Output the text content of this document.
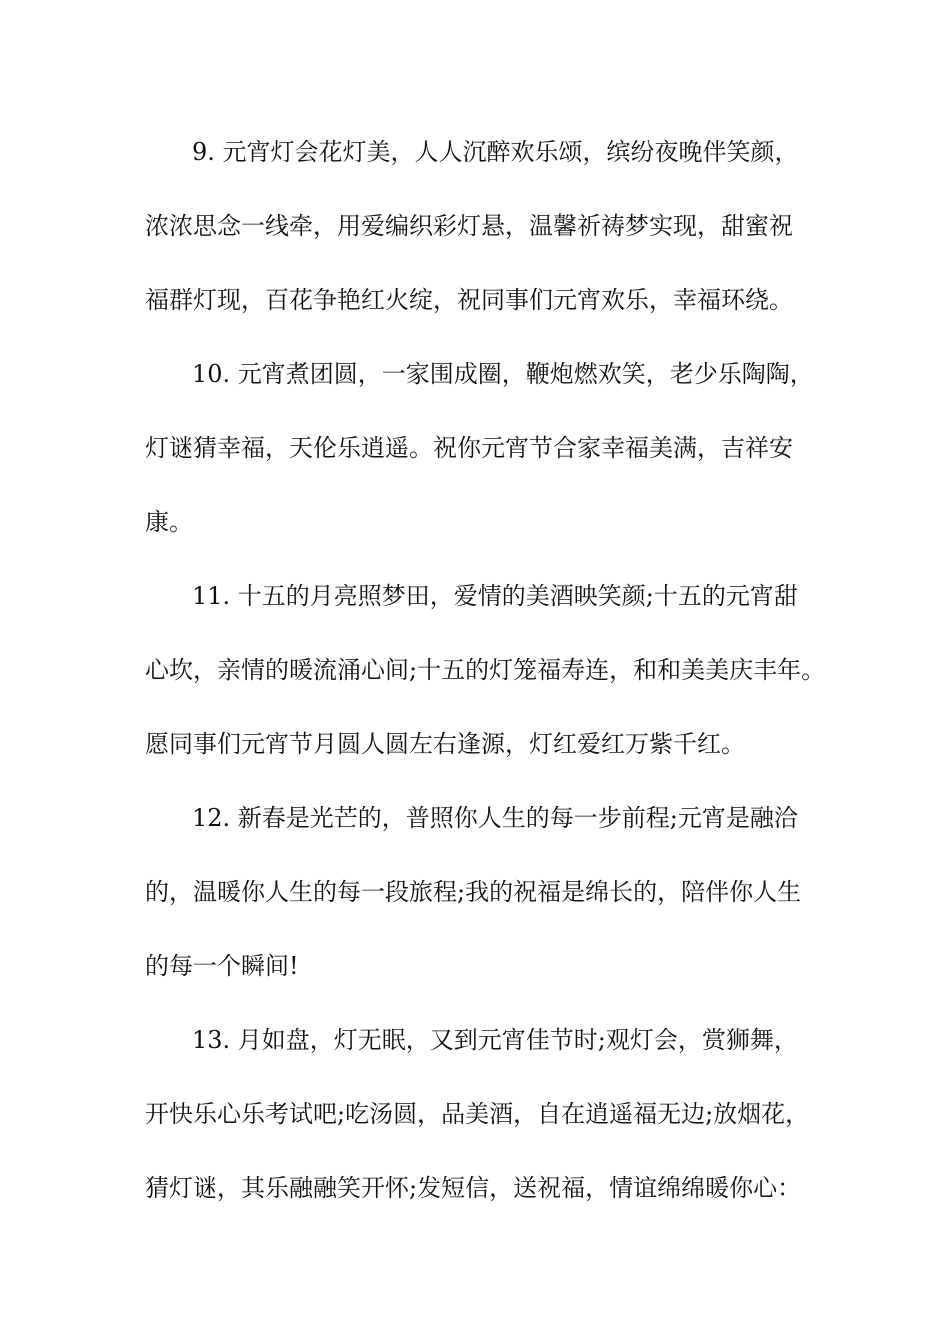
9. 元宵灯会花灯美，人人沉醉欢乐颂，缤纷夜晚伴笑颜，

浓浓思念一线牵，用爱编织彩灯悬，温馨祈祷梦实现，甜蜜祝

福群灯现，百花争艳红火绽，祝同事们元宵欢乐，幸福环绕。

10. 元宵煮团圆，一家围成圈，鞭炮燃欢笑，老少乐陶陶，

灯谜猜幸福，天伦乐逍遥。祝你元宵节合家幸福美满，吉祥安

康。

11. 十五的月亮照梦田，爱情的美酒映笑颜;十五的元宵甜

心坎，亲情的暖流涌心间;十五的灯笼福寿连，和和美美庆丰年。

愿同事们元宵节月圆人圆左右逢源，灯红爱红万紫千红。

12. 新春是光芒的，普照你人生的每一步前程;元宵是融洽

的，温暖你人生的每一段旅程;我的祝福是绵长的，陪伴你人生

的每一个瞬间!

13. 月如盘，灯无眠，又到元宵佳节时;观灯会，赏狮舞，

开快乐心乐考试吧;吃汤圆，品美酒，自在逍遥福无边;放烟花，

猜灯谜，其乐融融笑开怀;发短信，送祝福，情谊绵绵暖你心：
